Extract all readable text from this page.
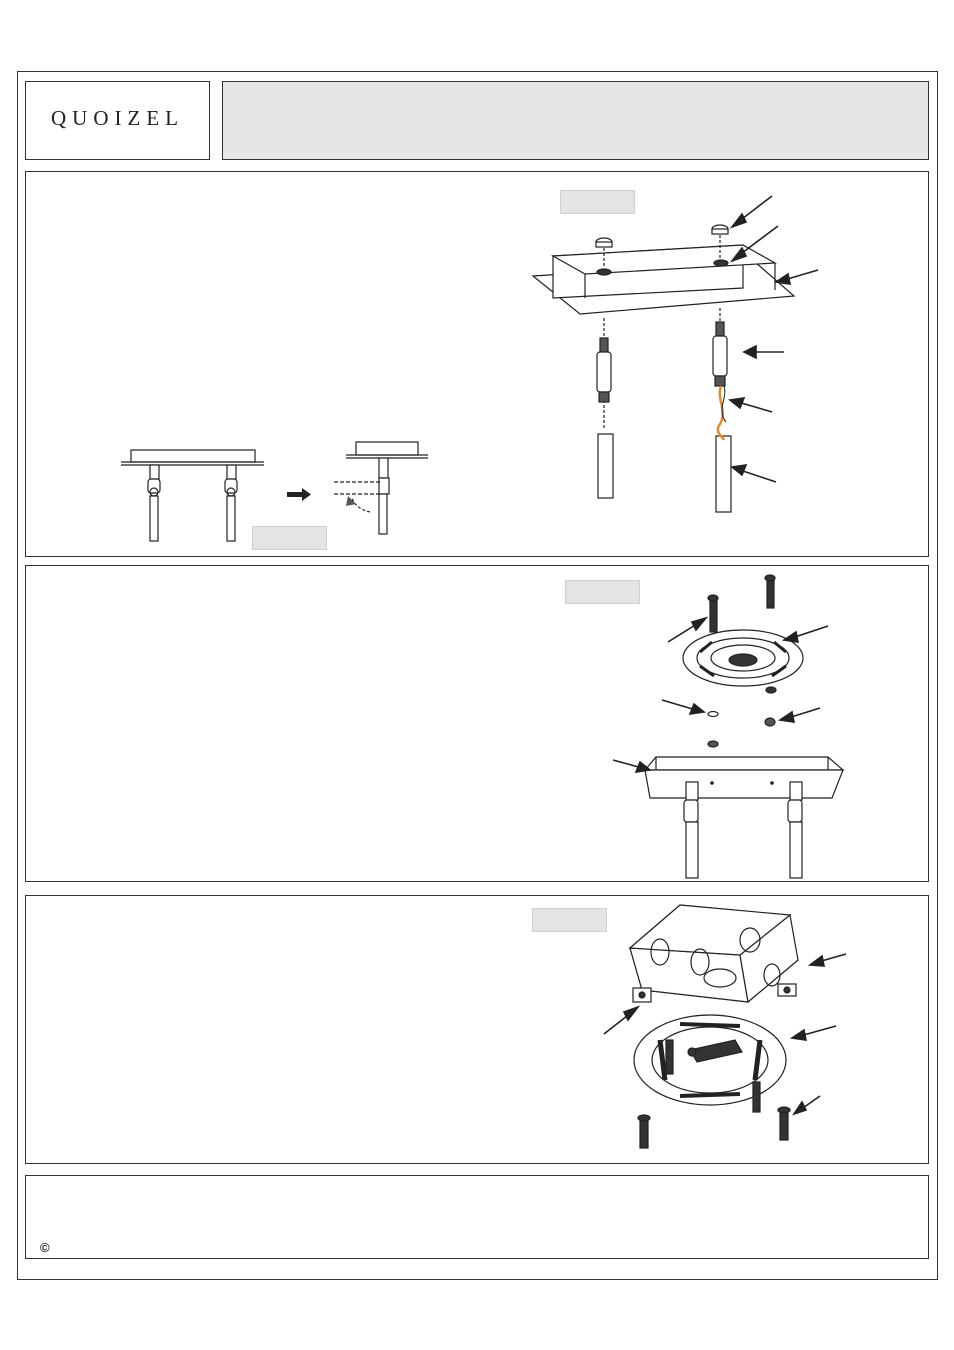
QUOIZEL
©
